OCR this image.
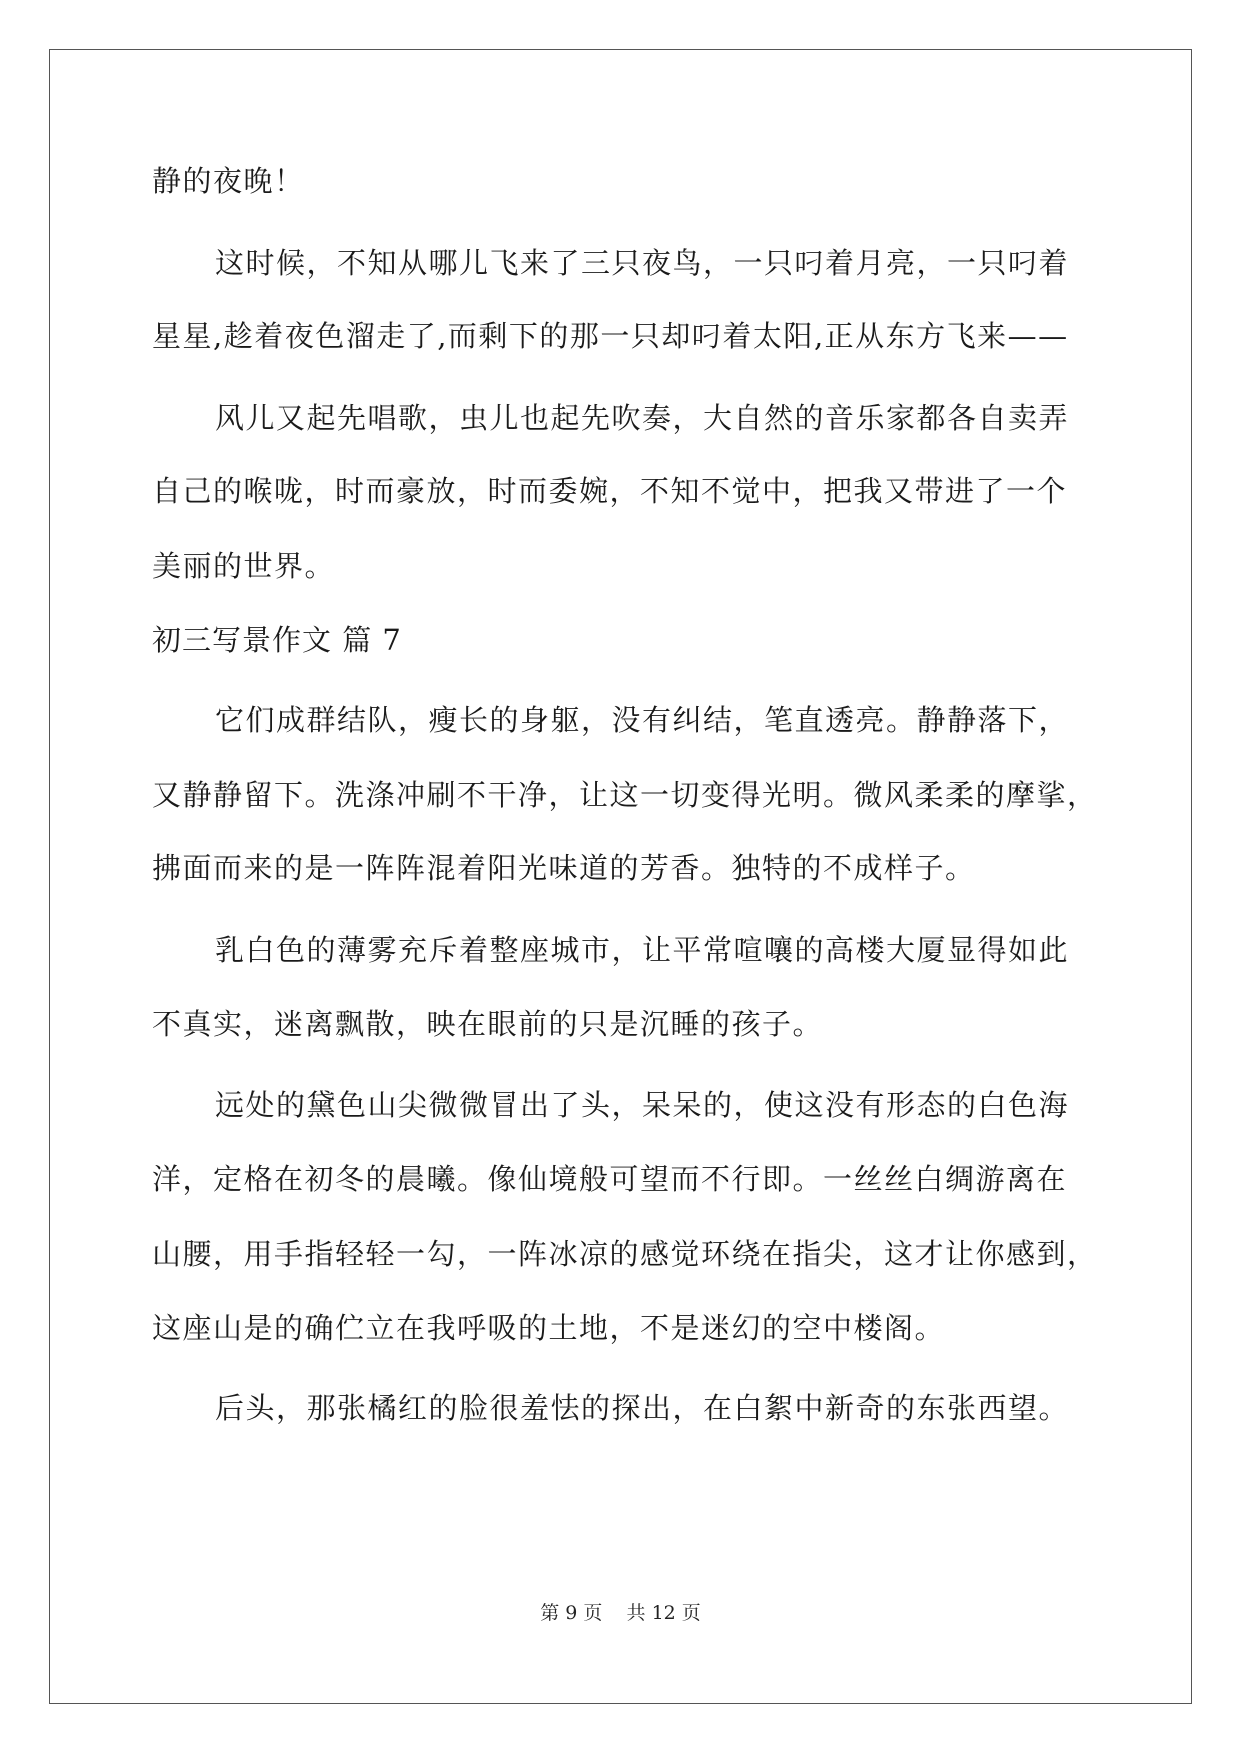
静的夜晚！
这时候，不知从哪儿飞来了三只夜鸟，一只叼着月亮，一只叼着
星星,趁着夜色溜走了,而剩下的那一只却叼着太阳,正从东方飞来——
风儿又起先唱歌，虫儿也起先吹奏，大自然的音乐家都各自卖弄
自己的喉咙，时而豪放，时而委婉，不知不觉中，把我又带进了一个
美丽的世界。
初三写景作文 篇 7
它们成群结队，瘦长的身躯，没有纠结，笔直透亮。静静落下，
又静静留下。洗涤冲刷不干净，让这一切变得光明。微风柔柔的摩挲，
拂面而来的是一阵阵混着阳光味道的芳香。独特的不成样子。
乳白色的薄雾充斥着整座城市，让平常喧嚷的高楼大厦显得如此
不真实，迷离飘散，映在眼前的只是沉睡的孩子。
远处的黛色山尖微微冒出了头，呆呆的，使这没有形态的白色海
洋，定格在初冬的晨曦。像仙境般可望而不行即。一丝丝白绸游离在
山腰，用手指轻轻一勾，一阵冰凉的感觉环绕在指尖，这才让你感到，
这座山是的确伫立在我呼吸的土地，不是迷幻的空中楼阁。
后头，那张橘红的脸很羞怯的探出，在白絮中新奇的东张西望。
第 9 页    共 12 页
